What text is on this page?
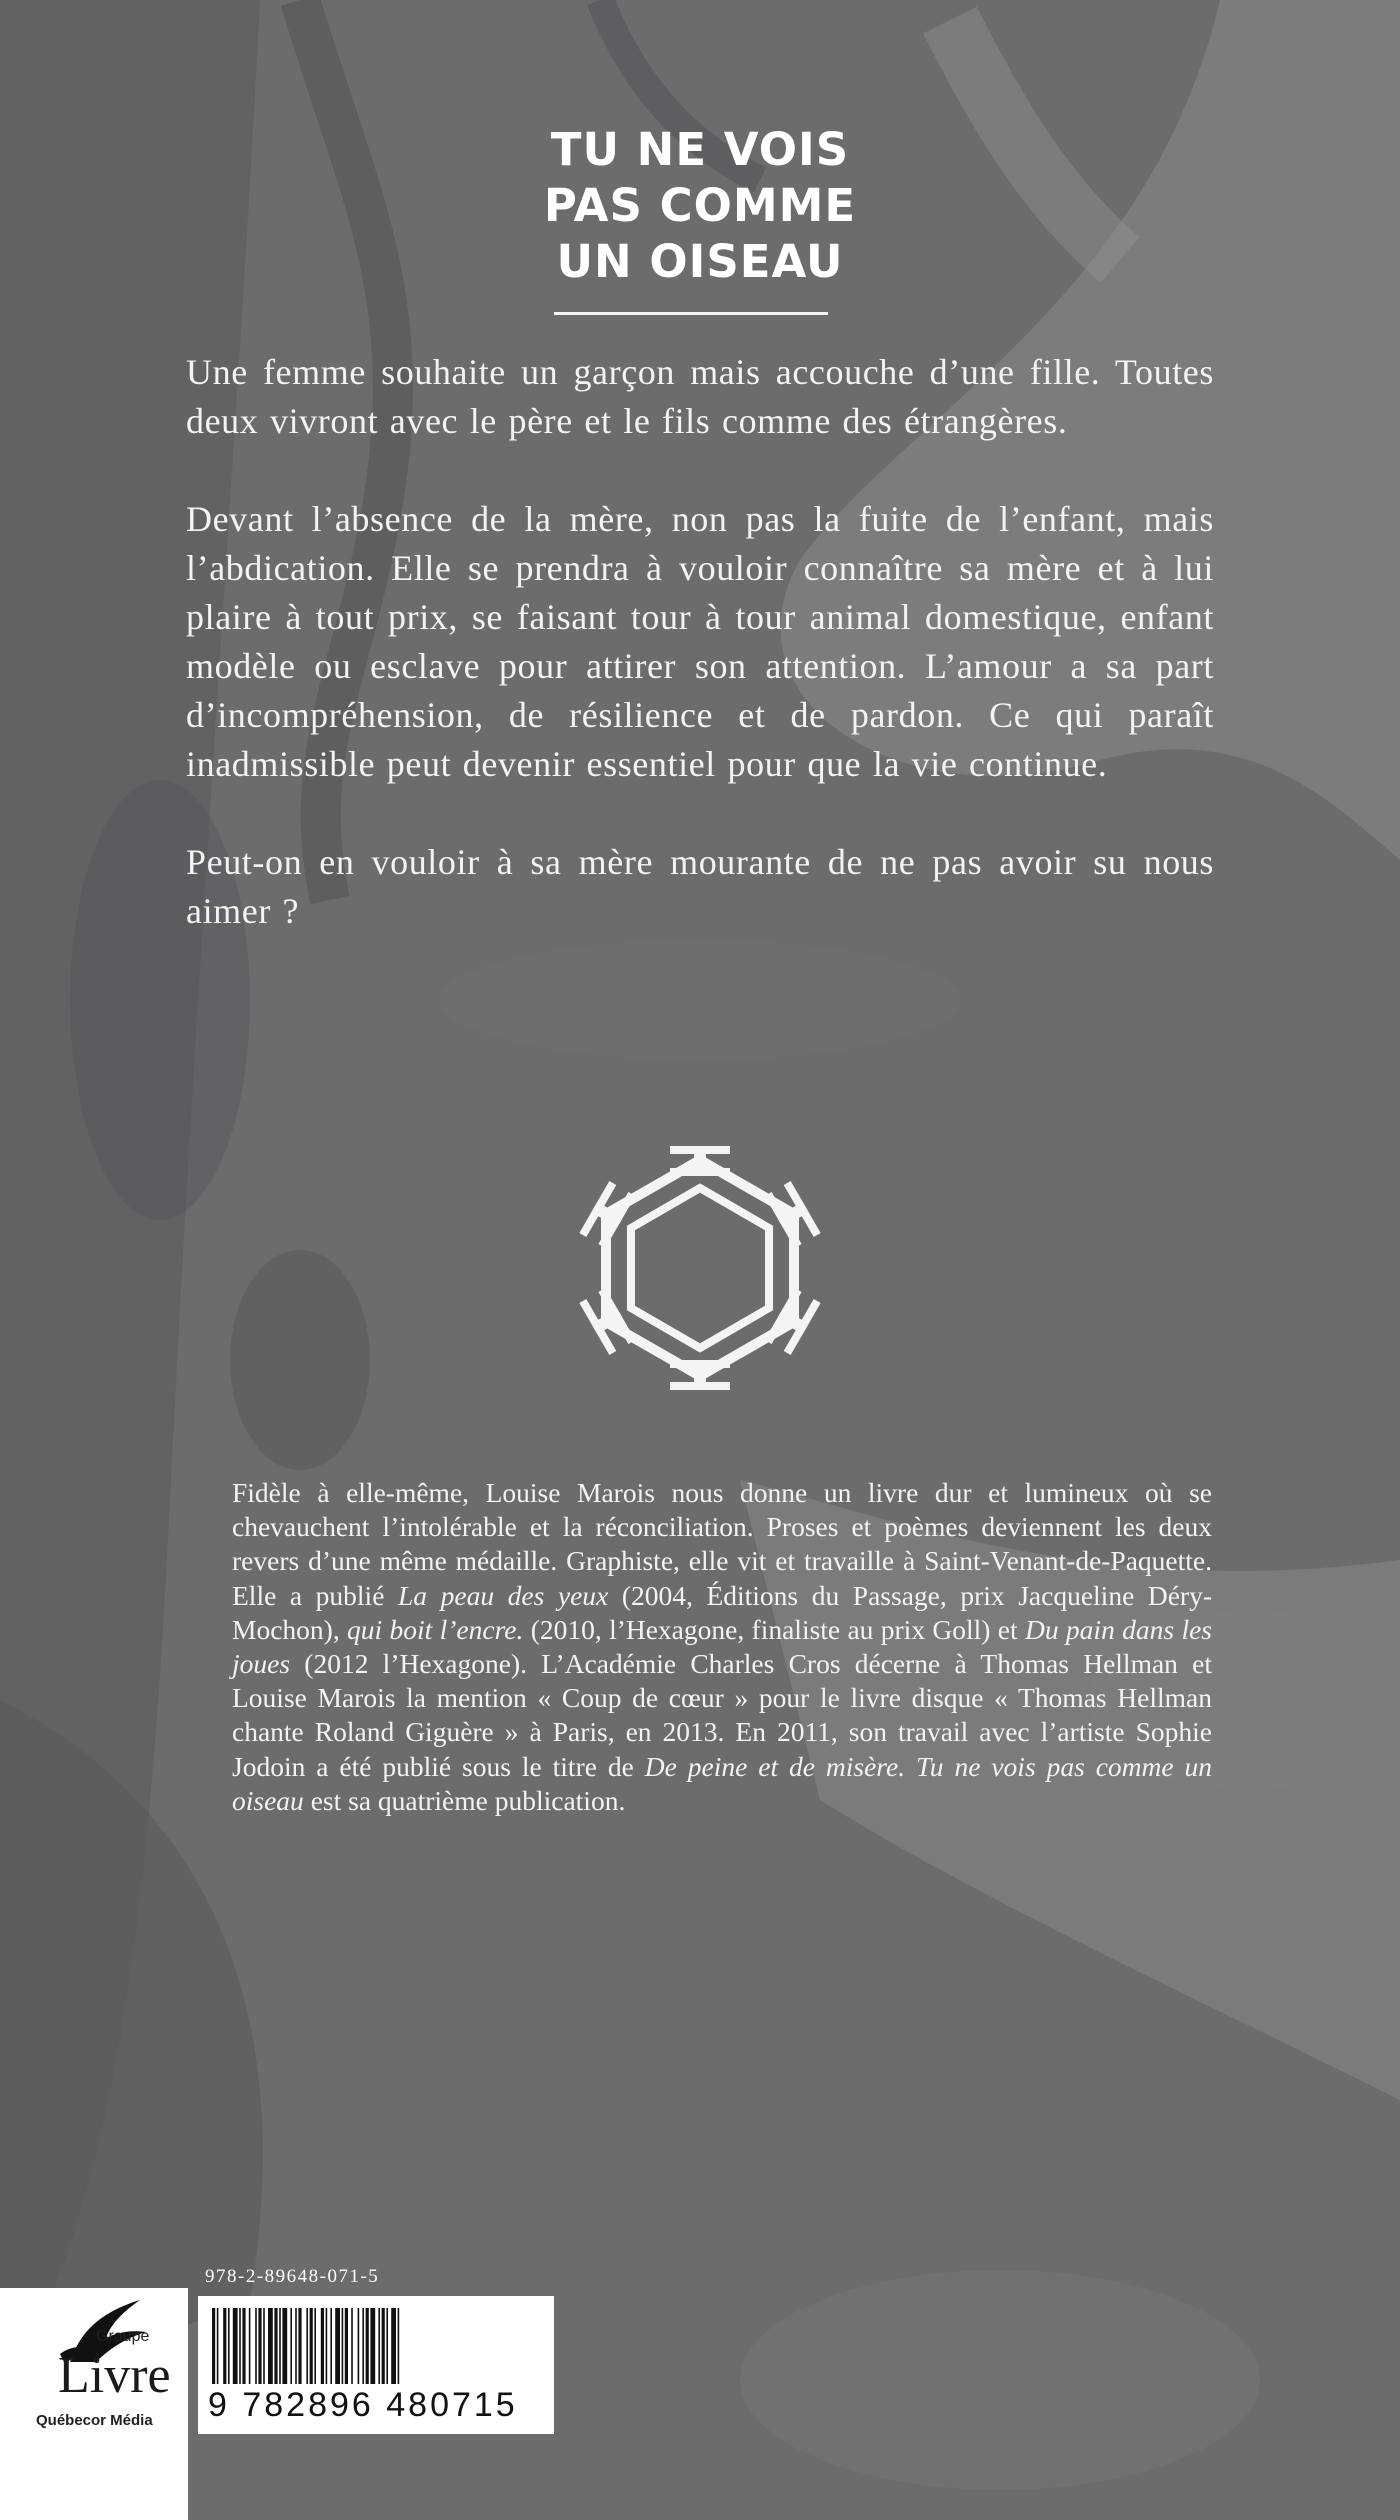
TU NE VOIS
PAS COMME
UN OISEAU

Une femme souhaite un garçon mais accouche d’une fille. Toutes deux vivront avec le père et le fils comme des étrangères.

Devant l’absence de la mère, non pas la fuite de l’enfant, mais l’abdication. Elle se prendra à vouloir connaître sa mère et à lui plaire à tout prix, se faisant tour à tour animal domestique, enfant modèle ou esclave pour attirer son attention. L’amour a sa part d’incompréhension, de résilience et de pardon. Ce qui paraît inadmissible peut devenir essentiel pour que la vie continue.

Peut-on en vouloir à sa mère mourante de ne pas avoir su nous aimer ?

Fidèle à elle-même, Louise Marois nous donne un livre dur et lumineux où se chevauchent l’intolérable et la réconciliation. Proses et poèmes deviennent les deux revers d’une même médaille. Graphiste, elle vit et travaille à Saint-Venant-de-Paquette. Elle a publié La peau des yeux (2004, Éditions du Passage, prix Jacqueline Déry-Mochon), qui boit l’encre. (2010, l’Hexagone, finaliste au prix Goll) et Du pain dans les joues (2012 l’Hexagone). L’Académie Charles Cros décerne à Thomas Hellman et Louise Marois la mention « Coup de cœur » pour le livre disque « Thomas Hellman chante Roland Giguère » à Paris, en 2013. En 2011, son travail avec l’artiste Sophie Jodoin a été publié sous le titre de De peine et de misère. Tu ne vois pas comme un oiseau est sa quatrième publication.
978-2-89648-071-5
Groupe
Livre
Québecor Média 9 782896 480715
